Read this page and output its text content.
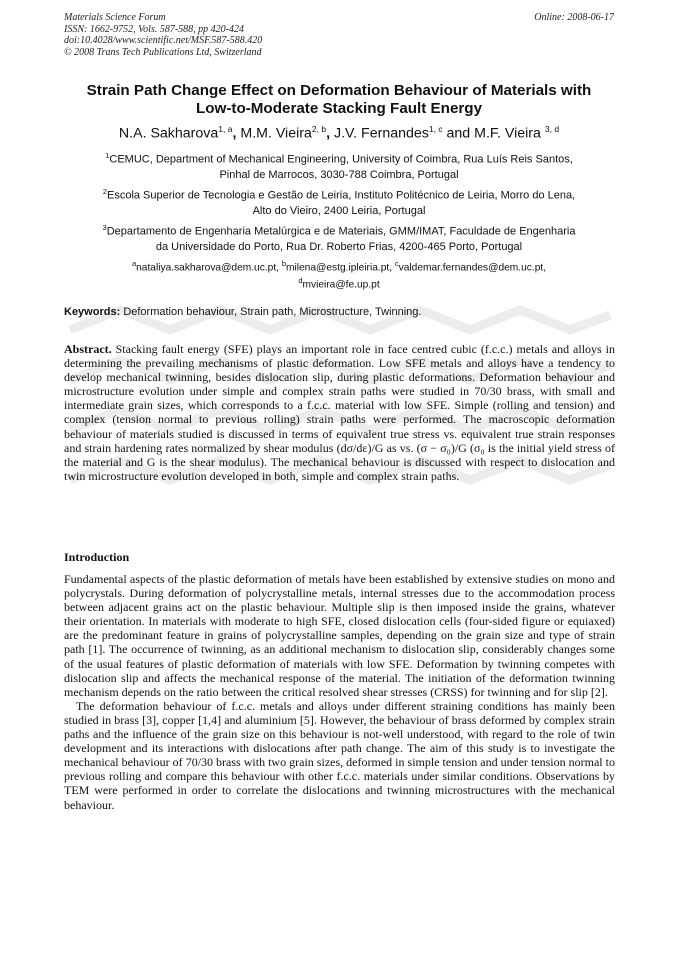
Materials Science Forum
ISSN: 1662-9752, Vols. 587-588, pp 420-424
doi:10.4028/www.scientific.net/MSF.587-588.420
© 2008 Trans Tech Publications Ltd, Switzerland
Online: 2008-06-17
Strain Path Change Effect on Deformation Behaviour of Materials with
Low-to-Moderate Stacking Fault Energy
N.A. Sakharova$^{1, a}$, M.M. Vieira$^{2, b}$, J.V. Fernandes$^{1, c}$ and M.F. Vieira $^{3, d}$
$^1$CEMUC, Department of Mechanical Engineering, University of Coimbra, Rua Luís Reis Santos,
Pinhal de Marrocos, 3030-788 Coimbra, Portugal
$^2$Escola Superior de Tecnologia e Gestão de Leiria, Instituto Politécnico de Leiria, Morro do Lena,
Alto do Vieiro, 2400 Leiria, Portugal
$^3$Departamento de Engenharia Metalúrgica e de Materiais, GMM/IMAT, Faculdade de Engenharia
da Universidade do Porto, Rua Dr. Roberto Frias, 4200-465 Porto, Portugal
$^a$nataliya.sakharova@dem.uc.pt, $^b$milena@estg.ipleiria.pt, $^c$valdemar.fernandes@dem.uc.pt,
$^d$mvieira@fe.up.pt
Keywords: Deformation behaviour, Strain path, Microstructure, Twinning.

Abstract. Stacking fault energy (SFE) plays an important role in face centred cubic (f.c.c.) metals and alloys in determining the prevailing mechanisms of plastic deformation. Low SFE metals and alloys have a tendency to develop mechanical twinning, besides dislocation slip, during plastic deformations. Deformation behaviour and microstructure evolution under simple and complex strain paths were studied in 70/30 brass, with small and intermediate grain sizes, which corresponds to a f.c.c. material with low SFE. Simple (rolling and tension) and complex (tension normal to previous rolling) strain paths were performed. The macroscopic deformation behaviour of materials studied is discussed in terms of equivalent true stress vs. equivalent true strain responses and strain hardening rates normalized by shear modulus (dσ/dε)/G as vs. (σ − σ₀)/G (σ₀ is the initial yield stress of the material and G is the shear modulus). The mechanical behaviour is discussed with respect to dislocation and twin microstructure evolution developed in both, simple and complex strain paths.

Introduction

Fundamental aspects of the plastic deformation of metals have been established by extensive studies on mono and polycrystals. During deformation of polycrystalline metals, internal stresses due to the accommodation process between adjacent grains act on the plastic behaviour. Multiple slip is then imposed inside the grains, whatever their orientation. In materials with moderate to high SFE, closed dislocation cells (four-sided figure or equiaxed) are the predominant feature in grains of polycrystalline samples, depending on the grain size and type of strain path [1]. The occurrence of twinning, as an additional mechanism to dislocation slip, considerably changes some of the usual features of plastic deformation of materials with low SFE. Deformation by twinning competes with dislocation slip and affects the mechanical response of the material. The initiation of the deformation twinning mechanism depends on the ratio between the critical resolved shear stresses (CRSS) for twinning and for slip [2].

The deformation behaviour of f.c.c. metals and alloys under different straining conditions has mainly been studied in brass [3], copper [1,4] and aluminium [5]. However, the behaviour of brass deformed by complex strain paths and the influence of the grain size on this behaviour is not-well understood, with regard to the role of twin development and its interactions with dislocations after path change. The aim of this study is to investigate the mechanical behaviour of 70/30 brass with two grain sizes, deformed in simple tension and under tension normal to previous rolling and compare this behaviour with other f.c.c. materials under similar conditions. Observations by TEM were performed in order to correlate the dislocations and twinning microstructures with the mechanical behaviour.
